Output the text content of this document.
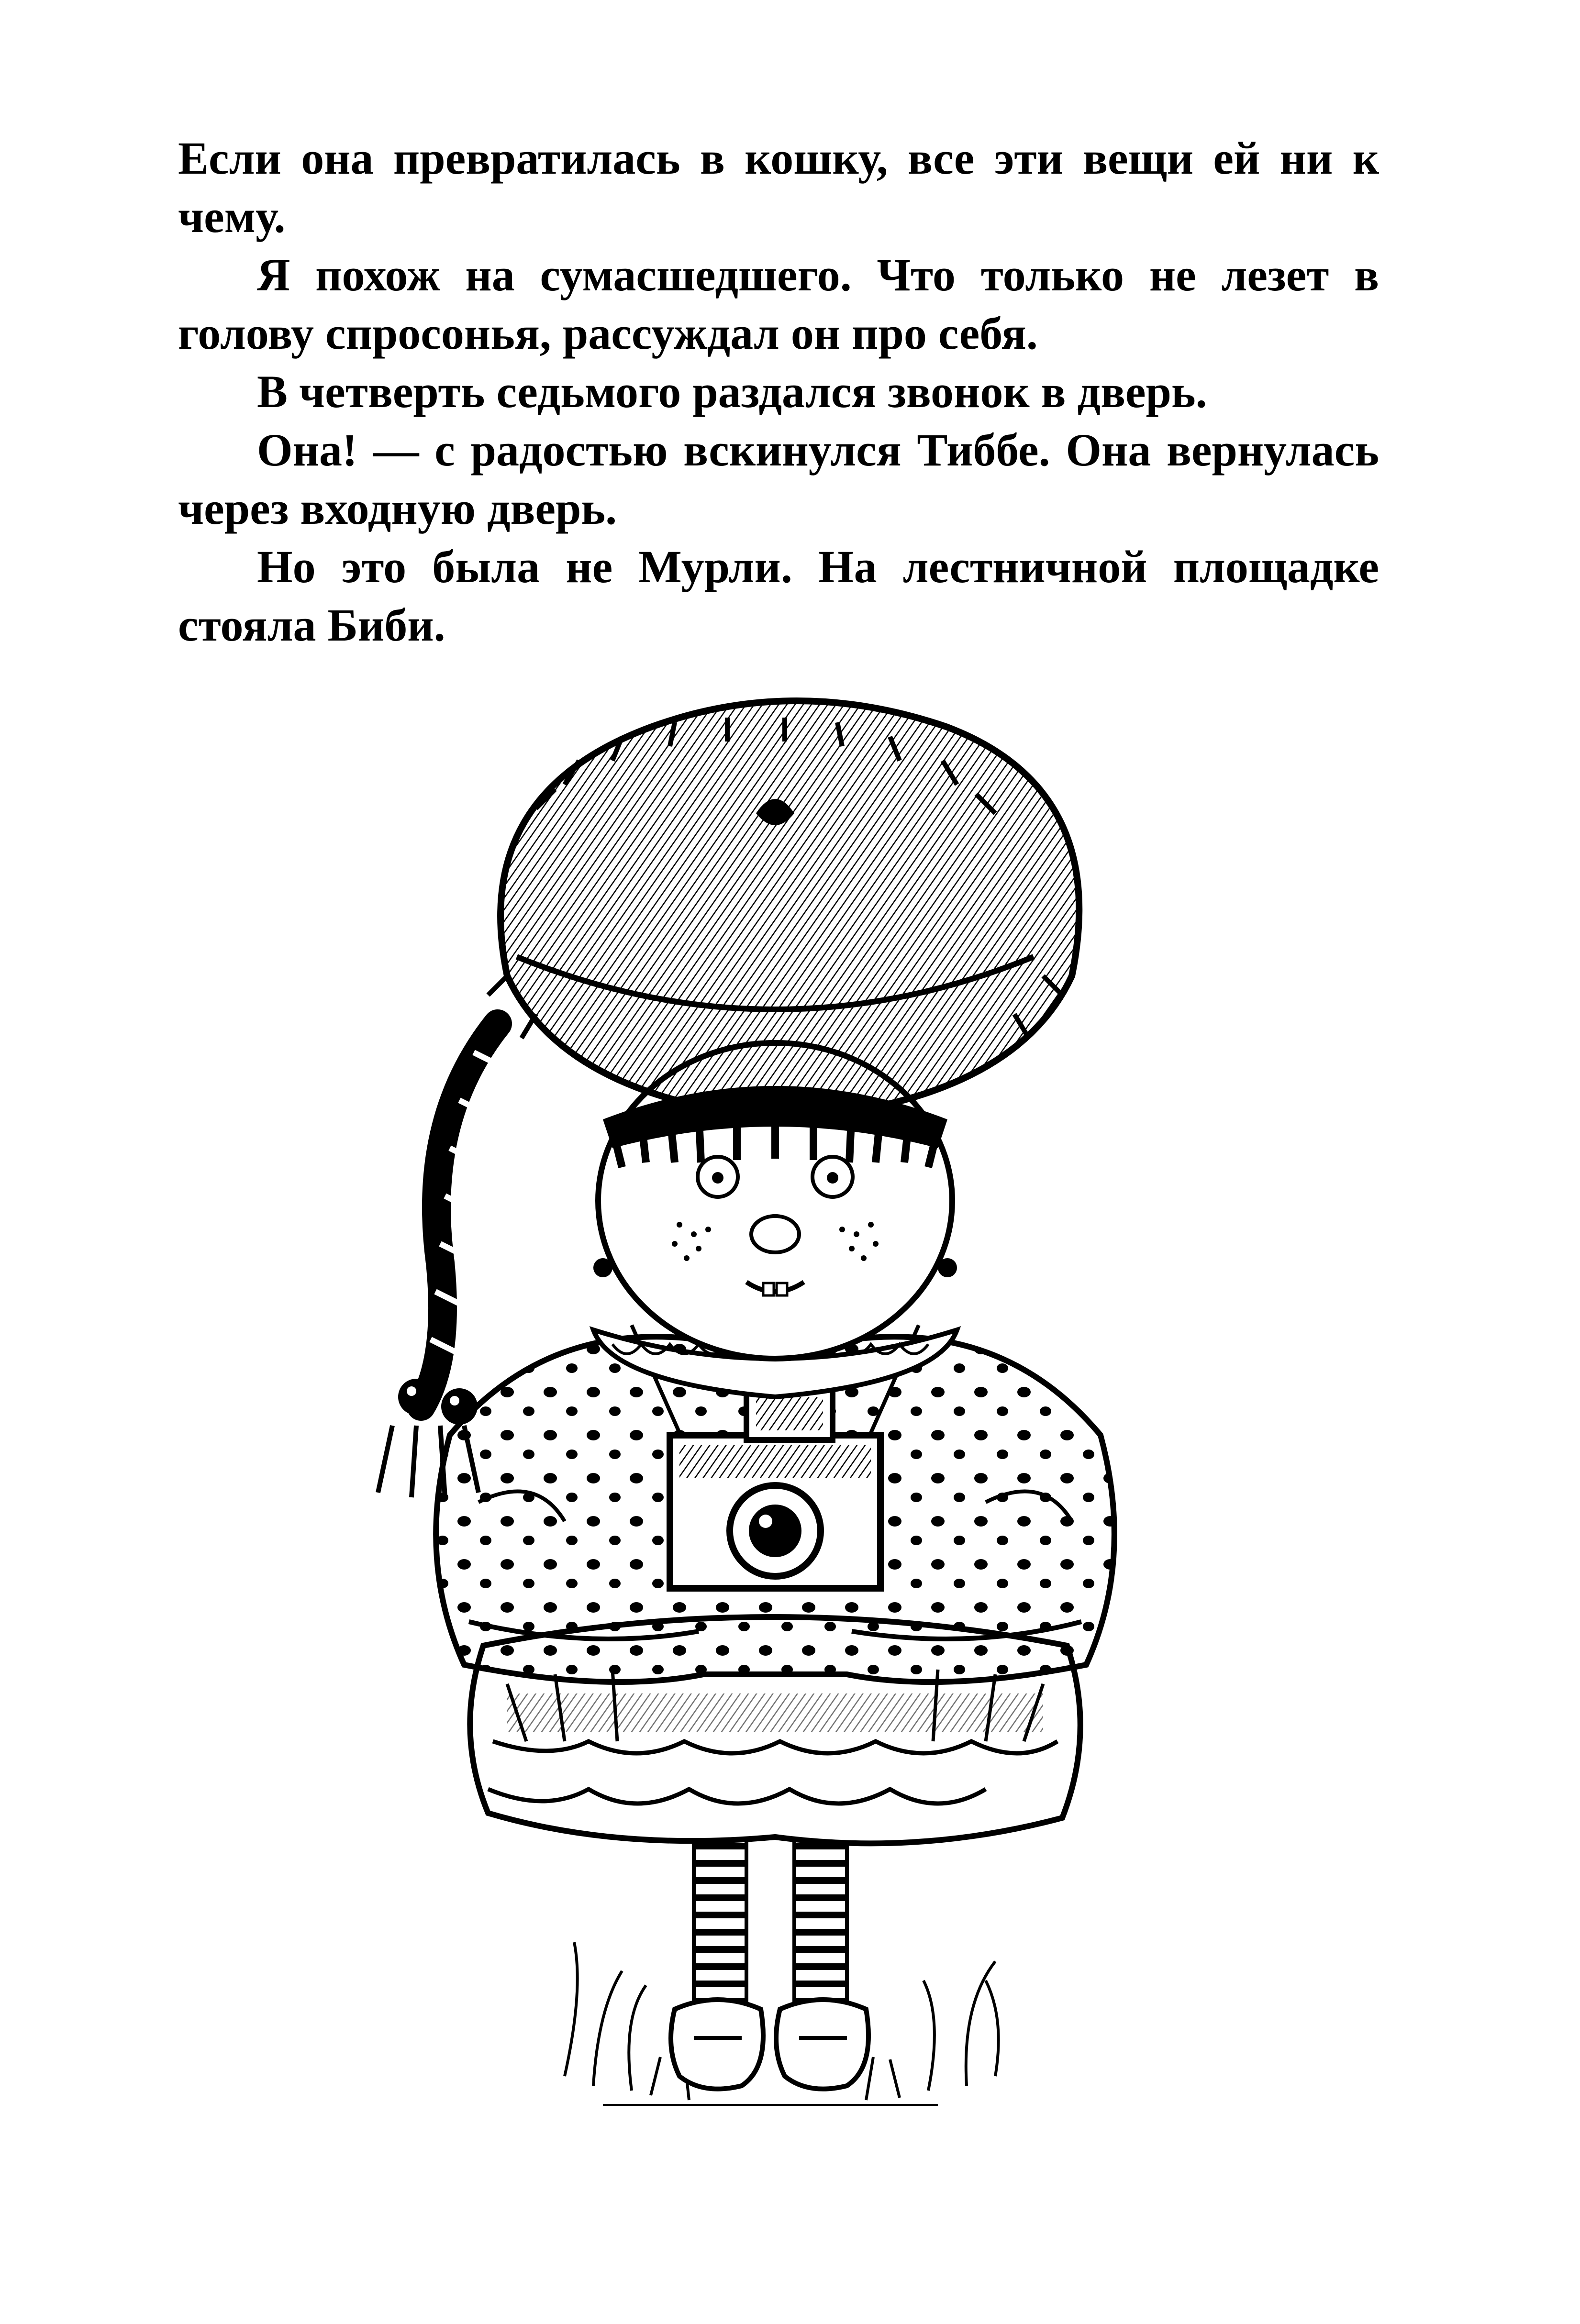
Если она превратилась в кошку, все эти вещи ей ни к чему.

Я похож на сумасшедшего. Что только не лезет в голову спросонья, рассуждал он про себя.

В четверть седьмого раздался звонок в дверь.

Она! — с радостью вскинулся Тиббе. Она вернулась через входную дверь.

Но это была не Мурли. На лестничной площадке стояла Биби.
